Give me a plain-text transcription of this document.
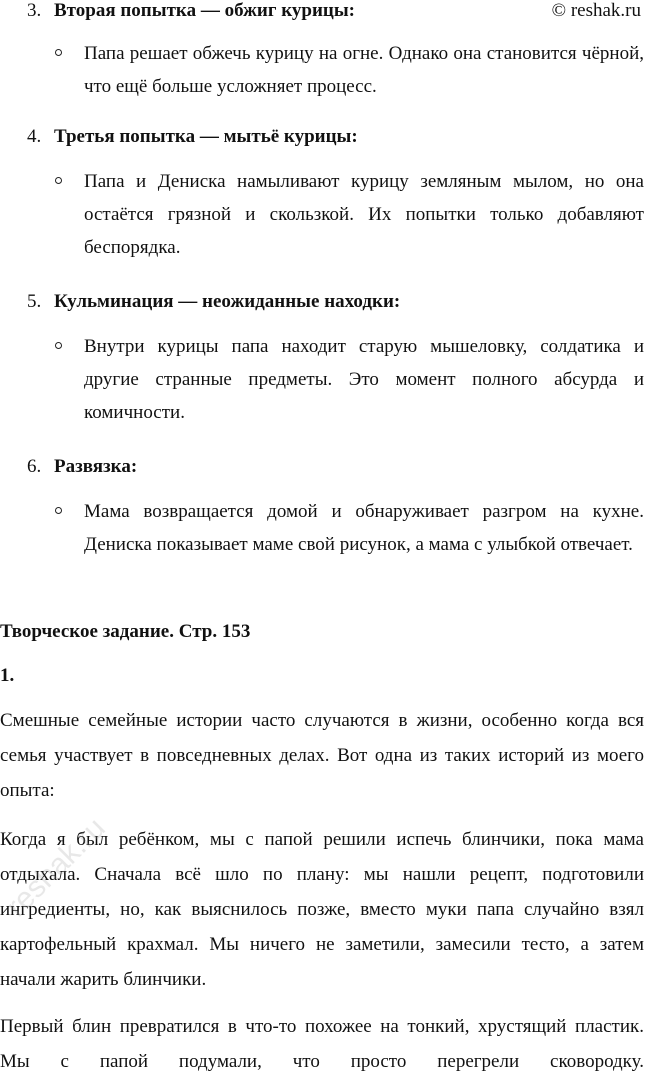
© reshak.ru
3. Вторая попытка — обжиг курицы:
Папа решает обжечь курицу на огне. Однако она становится чёрной, что ещё больше усложняет процесс.
4. Третья попытка — мытьё курицы:
Папа и Дениска намыливают курицу земляным мылом, но она остаётся грязной и скользкой. Их попытки только добавляют беспорядка.
5. Кульминация — неожиданные находки:
Внутри курицы папа находит старую мышеловку, солдатика и другие странные предметы. Это момент полного абсурда и комичности.
6. Развязка:
Мама возвращается домой и обнаруживает разгром на кухне. Дениска показывает маме свой рисунок, а мама с улыбкой отвечает.
Творческое задание. Стр. 153
1.
Смешные семейные истории часто случаются в жизни, особенно когда вся семья участвует в повседневных делах. Вот одна из таких историй из моего опыта:
Когда я был ребёнком, мы с папой решили испечь блинчики, пока мама отдыхала. Сначала всё шло по плану: мы нашли рецепт, подготовили ингредиенты, но, как выяснилось позже, вместо муки папа случайно взял картофельный крахмал. Мы ничего не заметили, замесили тесто, а затем начали жарить блинчики.
Первый блин превратился в что-то похожее на тонкий, хрустящий пластик. Мы с папой подумали, что просто перегрели сковородку.
reshak.ru
